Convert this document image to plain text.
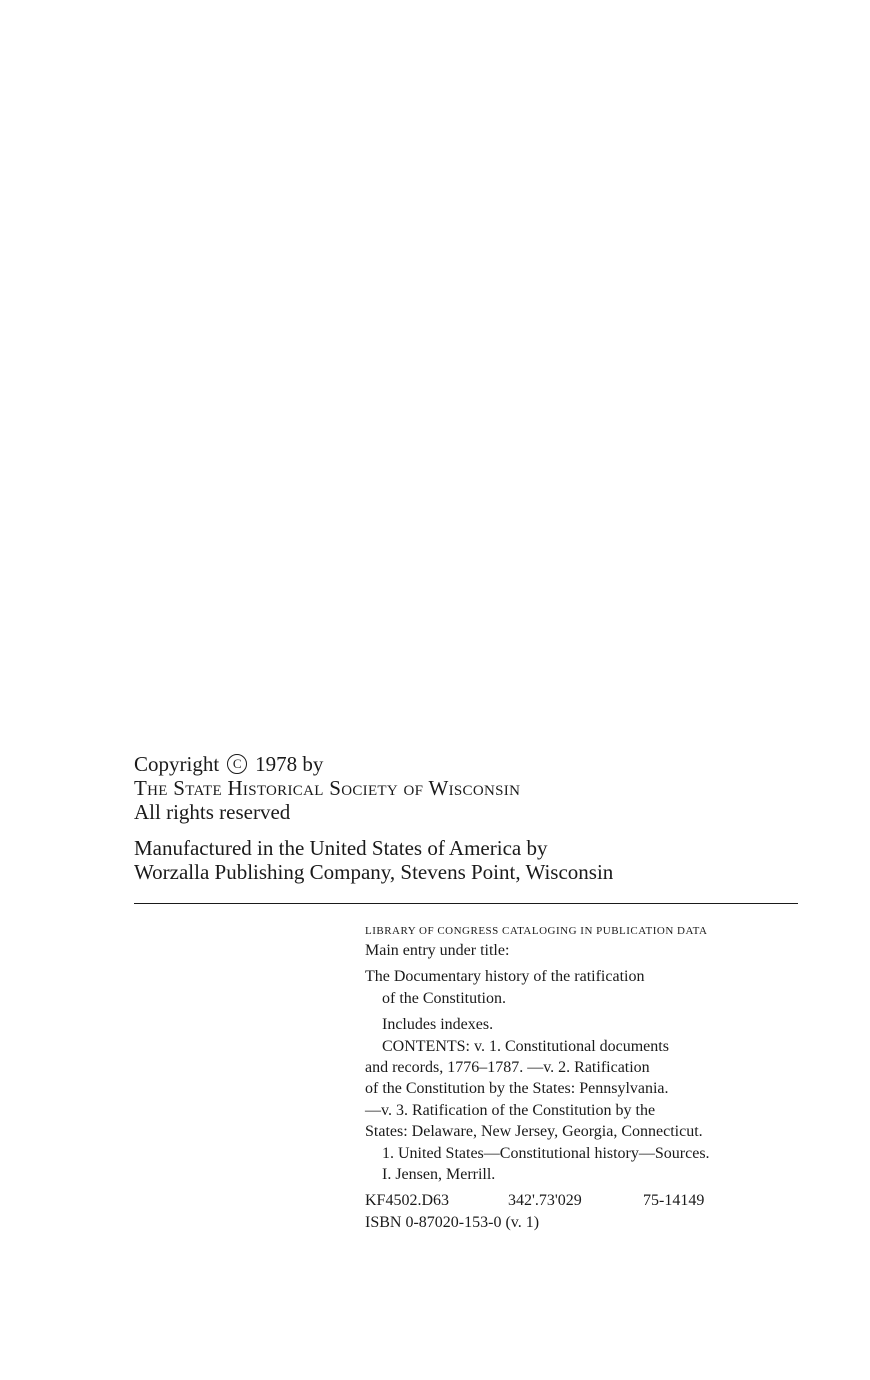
Copyright	C 1978 by
The State Historical Society of Wisconsin
All rights reserved
Manufactured in the United States of America by
Worzalla Publishing Company, Stevens Point, Wisconsin
LIBRARY OF CONGRESS CATALOGING IN PUBLICATION DATA
Main entry under title:
The Documentary history of the ratification
of the Constitution.
Includes indexes.
CONTENTS: v. 1. Constitutional documents
and records, 1776–1787. —v. 2. Ratification
of the Constitution by the States: Pennsylvania.
—v. 3. Ratification of the Constitution by the
States: Delaware, New Jersey, Georgia, Connecticut.
1. United States—Constitutional history—Sources.
I. Jensen, Merrill.
KF4502.D63	342'.73'029	75-14149
ISBN 0-87020-153-0 (v. 1)
